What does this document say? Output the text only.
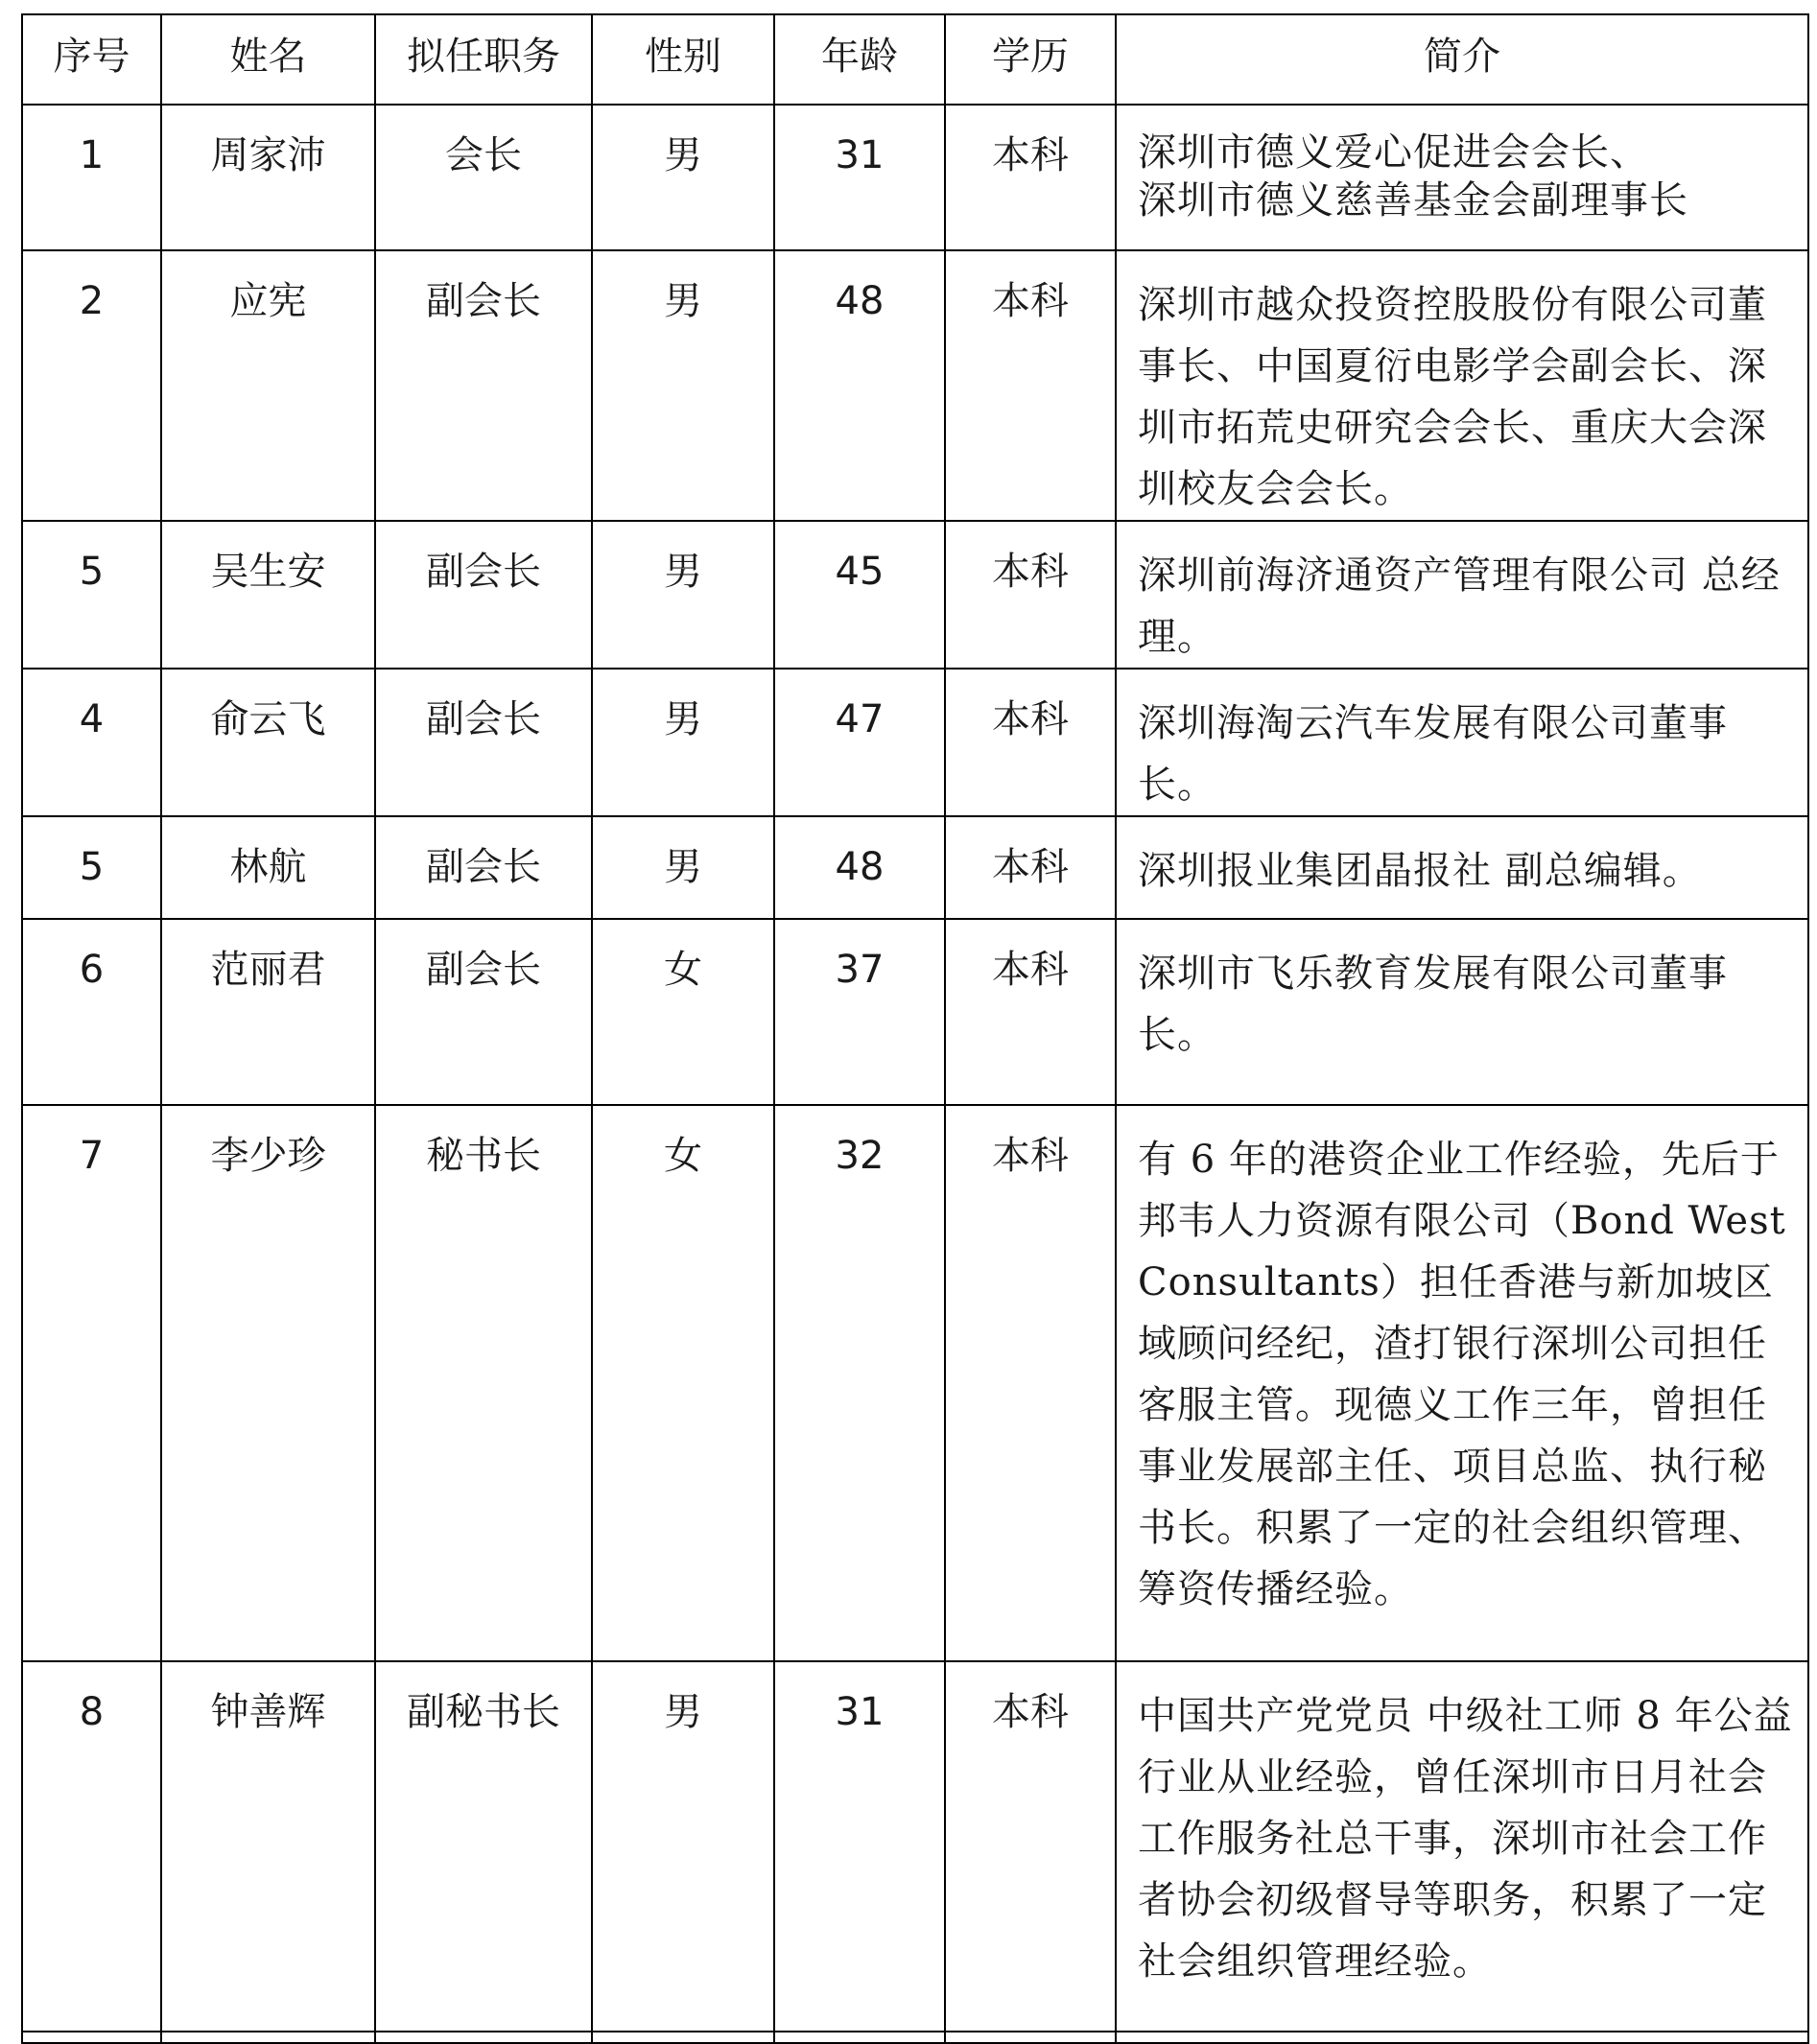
序号	姓名	拟任职务	性别	年龄	学历	简介
1	周家沛	会长	男	31	本科	深圳市德义爱心促进会会长、
深圳市德义慈善基金会副理事长
2	应宪	副会长	男	48	本科	深圳市越众投资控股股份有限公司董事长、中国夏衍电影学会副会长、深圳市拓荒史研究会会长、重庆大会深圳校友会会长。
5	吴生安	副会长	男	45	本科	深圳前海济通资产管理有限公司 总经理。
4	俞云飞	副会长	男	47	本科	深圳海淘云汽车发展有限公司董事长。
5	林航	副会长	男	48	本科	深圳报业集团晶报社 副总编辑。
6	范丽君	副会长	女	37	本科	深圳市飞乐教育发展有限公司董事长。
7	李少珍	秘书长	女	32	本科	有 6 年的港资企业工作经验，先后于邦韦人力资源有限公司（Bond West Consultants）担任香港与新加坡区域顾问经纪，渣打银行深圳公司担任客服主管。现德义工作三年，曾担任事业发展部主任、项目总监、执行秘书长。积累了一定的社会组织管理、筹资传播经验。
8	钟善辉	副秘书长	男	31	本科	中国共产党党员 中级社工师 8 年公益行业从业经验，曾任深圳市日月社会工作服务社总干事，深圳市社会工作者协会初级督导等职务，积累了一定社会组织管理经验。
